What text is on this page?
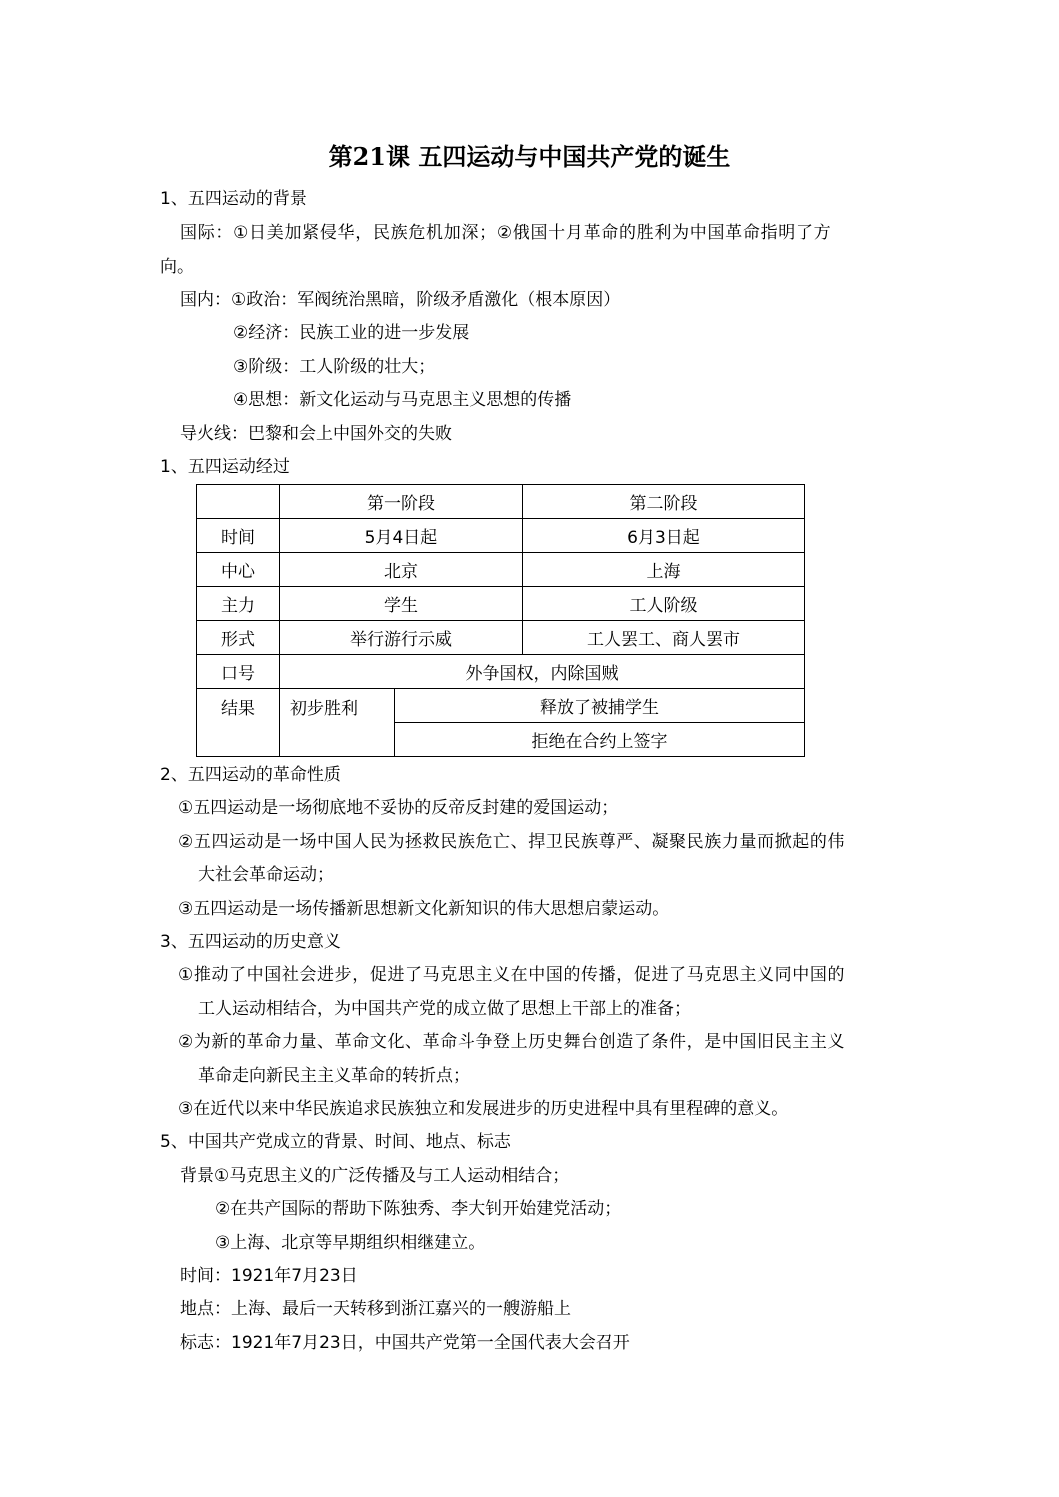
第21课 五四运动与中国共产党的诞生
1、五四运动的背景
国际：①日美加紧侵华，民族危机加深；②俄国十月革命的胜利为中国革命指明了方
向。
国内：①政治：军阀统治黑暗，阶级矛盾激化（根本原因）
②经济：民族工业的进一步发展
③阶级：工人阶级的壮大；
④思想：新文化运动与马克思主义思想的传播
导火线：巴黎和会上中国外交的失败
1、五四运动经过
	第一阶段		第二阶段
时间	5月4日起		6月3日起
中心	北京		上海
主力	学生		工人阶级
形式	举行游行示威		工人罢工、商人罢市
口号	外争国权，内除国贼		
结果	初步胜利	释放了被捕学生	
		拒绝在合约上签字	
2、五四运动的革命性质
①五四运动是一场彻底地不妥协的反帝反封建的爱国运动；
②五四运动是一场中国人民为拯救民族危亡、捍卫民族尊严、凝聚民族力量而掀起的伟
大社会革命运动；
③五四运动是一场传播新思想新文化新知识的伟大思想启蒙运动。
3、五四运动的历史意义
①推动了中国社会进步，促进了马克思主义在中国的传播，促进了马克思主义同中国的
工人运动相结合，为中国共产党的成立做了思想上干部上的准备；
②为新的革命力量、革命文化、革命斗争登上历史舞台创造了条件，是中国旧民主主义
革命走向新民主主义革命的转折点；
③在近代以来中华民族追求民族独立和发展进步的历史进程中具有里程碑的意义。
5、中国共产党成立的背景、时间、地点、标志
背景①马克思主义的广泛传播及与工人运动相结合；
②在共产国际的帮助下陈独秀、李大钊开始建党活动；
③上海、北京等早期组织相继建立。
时间：1921年7月23日
地点：上海、最后一天转移到浙江嘉兴的一艘游船上
标志：1921年7月23日，中国共产党第一全国代表大会召开
